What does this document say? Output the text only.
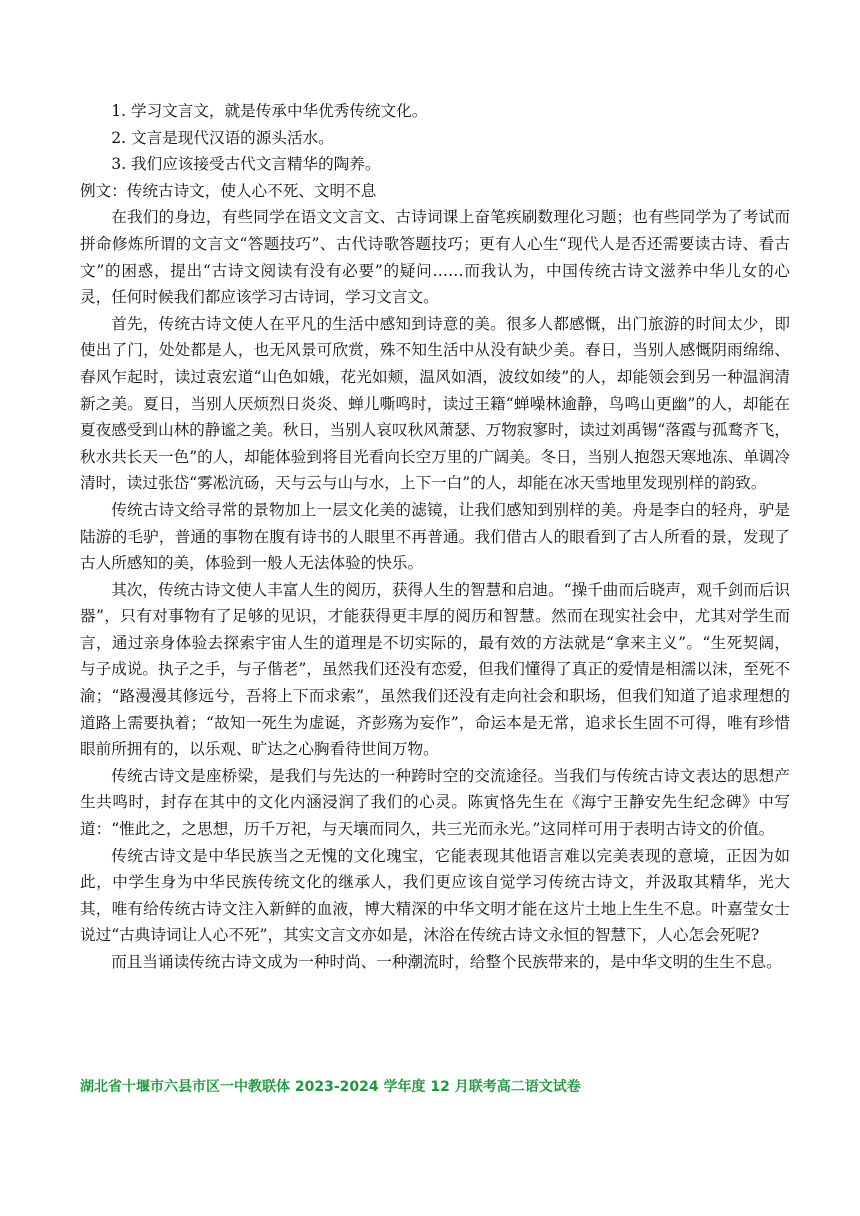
1. 学习文言文，就是传承中华优秀传统文化。

2. 文言是现代汉语的源头活水。

3. 我们应该接受古代文言精华的陶养。

例文：传统古诗文，使人心不死、文明不息

在我们的身边，有些同学在语文文言文、古诗词课上奋笔疾刷数理化习题；也有些同学为了考试而拼命修炼所谓的文言文“答题技巧”、古代诗歌答题技巧；更有人心生“现代人是否还需要读古诗、看古文”的困惑，提出“古诗文阅读有没有必要”的疑问……而我认为，中国传统古诗文滋养中华儿女的心灵，任何时候我们都应该学习古诗词，学习文言文。

首先，传统古诗文使人在平凡的生活中感知到诗意的美。很多人都感慨，出门旅游的时间太少，即使出了门，处处都是人，也无风景可欣赏，殊不知生活中从没有缺少美。春日，当别人感慨阴雨绵绵、春风乍起时，读过袁宏道“山色如娥，花光如颊，温风如酒，波纹如绫”的人，却能领会到另一种温润清新之美。夏日，当别人厌烦烈日炎炎、蝉儿嘶鸣时，读过王籍“蝉噪林逾静，鸟鸣山更幽”的人，却能在夏夜感受到山林的静谧之美。秋日，当别人哀叹秋风萧瑟、万物寂寥时，读过刘禹锡“落霞与孤鹜齐飞，秋水共长天一色”的人，却能体验到将目光看向长空万里的广阔美。冬日，当别人抱怨天寒地冻、单调冷清时，读过张岱“雾凇沆砀，天与云与山与水，上下一白”的人，却能在冰天雪地里发现别样的韵致。

传统古诗文给寻常的景物加上一层文化美的滤镜，让我们感知到别样的美。舟是李白的轻舟，驴是陆游的毛驴，普通的事物在腹有诗书的人眼里不再普通。我们借古人的眼看到了古人所看的景，发现了古人所感知的美，体验到一般人无法体验的快乐。

其次，传统古诗文使人丰富人生的阅历，获得人生的智慧和启迪。“操千曲而后晓声，观千剑而后识器”，只有对事物有了足够的见识，才能获得更丰厚的阅历和智慧。然而在现实社会中，尤其对学生而言，通过亲身体验去探索宇宙人生的道理是不切实际的，最有效的方法就是“拿来主义”。“生死契阔，与子成说。执子之手，与子偕老”，虽然我们还没有恋爱，但我们懂得了真正的爱情是相濡以沫，至死不渝；“路漫漫其修远兮，吾将上下而求索”，虽然我们还没有走向社会和职场，但我们知道了追求理想的道路上需要执着；“故知一死生为虚诞，齐彭殇为妄作”，命运本是无常，追求长生固不可得，唯有珍惜眼前所拥有的，以乐观、旷达之心胸看待世间万物。

传统古诗文是座桥梁，是我们与先达的一种跨时空的交流途径。当我们与传统古诗文表达的思想产生共鸣时，封存在其中的文化内涵浸润了我们的心灵。陈寅恪先生在《海宁王静安先生纪念碑》中写道：“惟此之，之思想，历千万祀，与天壤而同久，共三光而永光。”这同样可用于表明古诗文的价值。

传统古诗文是中华民族当之无愧的文化瑰宝，它能表现其他语言难以完美表现的意境，正因为如此，中学生身为中华民族传统文化的继承人，我们更应该自觉学习传统古诗文，并汲取其精华，光大其，唯有给传统古诗文注入新鲜的血液，博大精深的中华文明才能在这片土地上生生不息。叶嘉莹女士说过“古典诗词让人心不死”，其实文言文亦如是，沐浴在传统古诗文永恒的智慧下，人心怎会死呢?

而且当诵读传统古诗文成为一种时尚、一种潮流时，给整个民族带来的，是中华文明的生生不息。

湖北省十堰市六县市区一中教联体 2023-2024 学年度 12 月联考高二语文试卷
